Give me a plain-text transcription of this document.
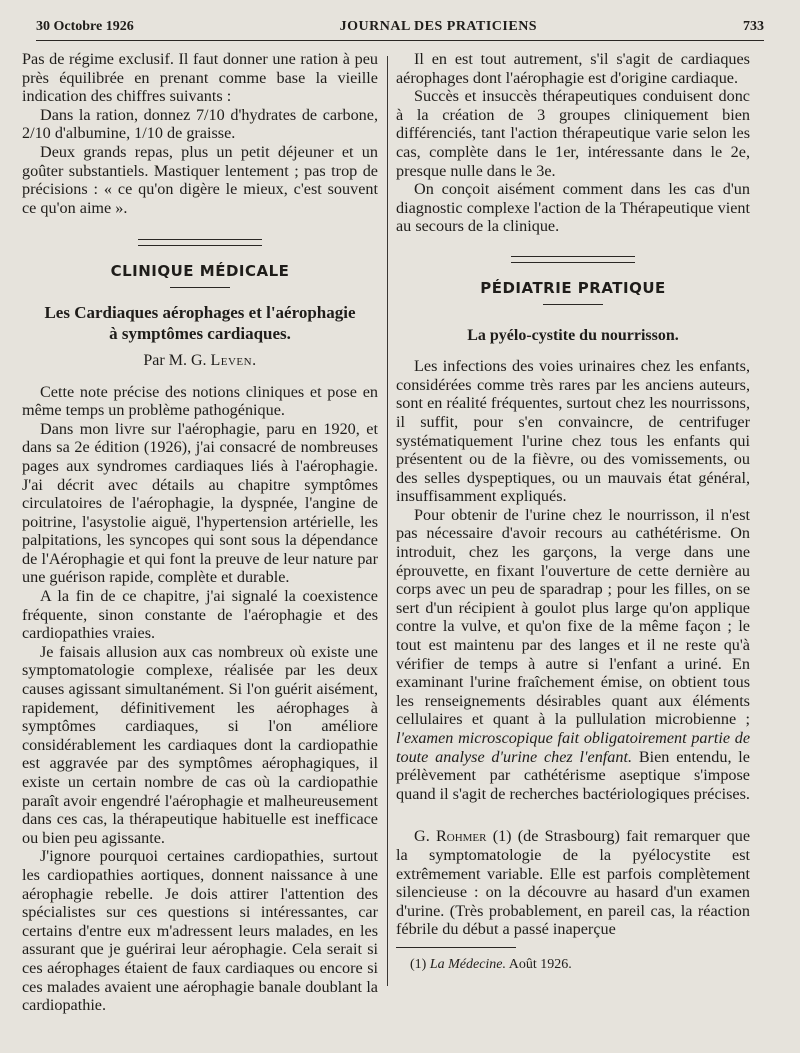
30 Octobre 1926	JOURNAL DES PRATICIENS	733

Pas de régime exclusif. Il faut donner une ration à peu près équilibrée en prenant comme base la vieille indication des chiffres suivants :

Dans la ration, donnez 7/10 d'hydrates de carbone, 2/10 d'albumine, 1/10 de graisse.

Deux grands repas, plus un petit déjeuner et un goûter substantiels. Mastiquer lentement ; pas trop de précisions : « ce qu'on digère le mieux, c'est souvent ce qu'on aime ».

CLINIQUE MÉDICALE
Les Cardiaques aérophages et l'aérophagie
à symptômes cardiaques.
Par M. G. Leven.

Cette note précise des notions cliniques et pose en même temps un problème pathogénique.

Dans mon livre sur l'aérophagie, paru en 1920, et dans sa 2e édition (1926), j'ai consacré de nombreuses pages aux syndromes cardiaques liés à l'aérophagie. J'ai décrit avec détails au chapitre symptômes circulatoires de l'aérophagie, la dyspnée, l'angine de poitrine, l'asystolie aiguë, l'hypertension artérielle, les palpitations, les syncopes qui sont sous la dépendance de l'Aérophagie et qui font la preuve de leur nature par une guérison rapide, complète et durable.

A la fin de ce chapitre, j'ai signalé la coexistence fréquente, sinon constante de l'aérophagie et des cardiopathies vraies.

Je faisais allusion aux cas nombreux où existe une symptomatologie complexe, réalisée par les deux causes agissant simultanément. Si l'on guérit aisément, rapidement, définitivement les aérophages à symptômes cardiaques, si l'on améliore considérablement les cardiaques dont la cardiopathie est aggravée par des symptômes aérophagiques, il existe un certain nombre de cas où la cardiopathie paraît avoir engendré l'aérophagie et malheureusement dans ces cas, la thérapeutique habituelle est inefficace ou bien peu agissante.

J'ignore pourquoi certaines cardiopathies, surtout les cardiopathies aortiques, donnent naissance à une aérophagie rebelle. Je dois attirer l'attention des spécialistes sur ces questions si intéressantes, car certains d'entre eux m'adressent leurs malades, en les assurant que je guérirai leur aérophagie. Cela serait si ces aérophages étaient de faux cardiaques ou encore si ces malades avaient une aérophagie banale doublant la cardiopathie.

Il en est tout autrement, s'il s'agit de cardiaques aérophages dont l'aérophagie est d'origine cardiaque.

Succès et insuccès thérapeutiques conduisent donc à la création de 3 groupes cliniquement bien différenciés, tant l'action thérapeutique varie selon les cas, complète dans le 1er, intéressante dans le 2e, presque nulle dans le 3e.

On conçoit aisément comment dans les cas d'un diagnostic complexe l'action de la Thérapeutique vient au secours de la clinique.

PÉDIATRIE PRATIQUE
La pyélo-cystite du nourrisson.

Les infections des voies urinaires chez les enfants, considérées comme très rares par les anciens auteurs, sont en réalité fréquentes, surtout chez les nourrissons, il suffit, pour s'en convaincre, de centrifuger systématiquement l'urine chez tous les enfants qui présentent ou de la fièvre, ou des vomissements, ou des selles dyspeptiques, ou un mauvais état général, insuffisamment expliqués.

Pour obtenir de l'urine chez le nourrisson, il n'est pas nécessaire d'avoir recours au cathétérisme. On introduit, chez les garçons, la verge dans une éprouvette, en fixant l'ouverture de cette dernière au corps avec un peu de sparadrap ; pour les filles, on se sert d'un récipient à goulot plus large qu'on applique contre la vulve, et qu'on fixe de la même façon ; le tout est maintenu par des langes et il ne reste qu'à vérifier de temps à autre si l'enfant a uriné. En examinant l'urine fraîchement émise, on obtient tous les renseignements désirables quant aux éléments cellulaires et quant à la pullulation microbienne ; l'examen microscopique fait obligatoirement partie de toute analyse d'urine chez l'enfant. Bien entendu, le prélèvement par cathétérisme aseptique s'impose quand il s'agit de recherches bactériologiques précises.

G. Rohmer (1) (de Strasbourg) fait remarquer que la symptomatologie de la pyélocystite est extrêmement variable. Elle est parfois complètement silencieuse : on la découvre au hasard d'un examen d'urine. (Très probablement, en pareil cas, la réaction fébrile du début a passé inaperçue

(1) La Médecine. Août 1926.
